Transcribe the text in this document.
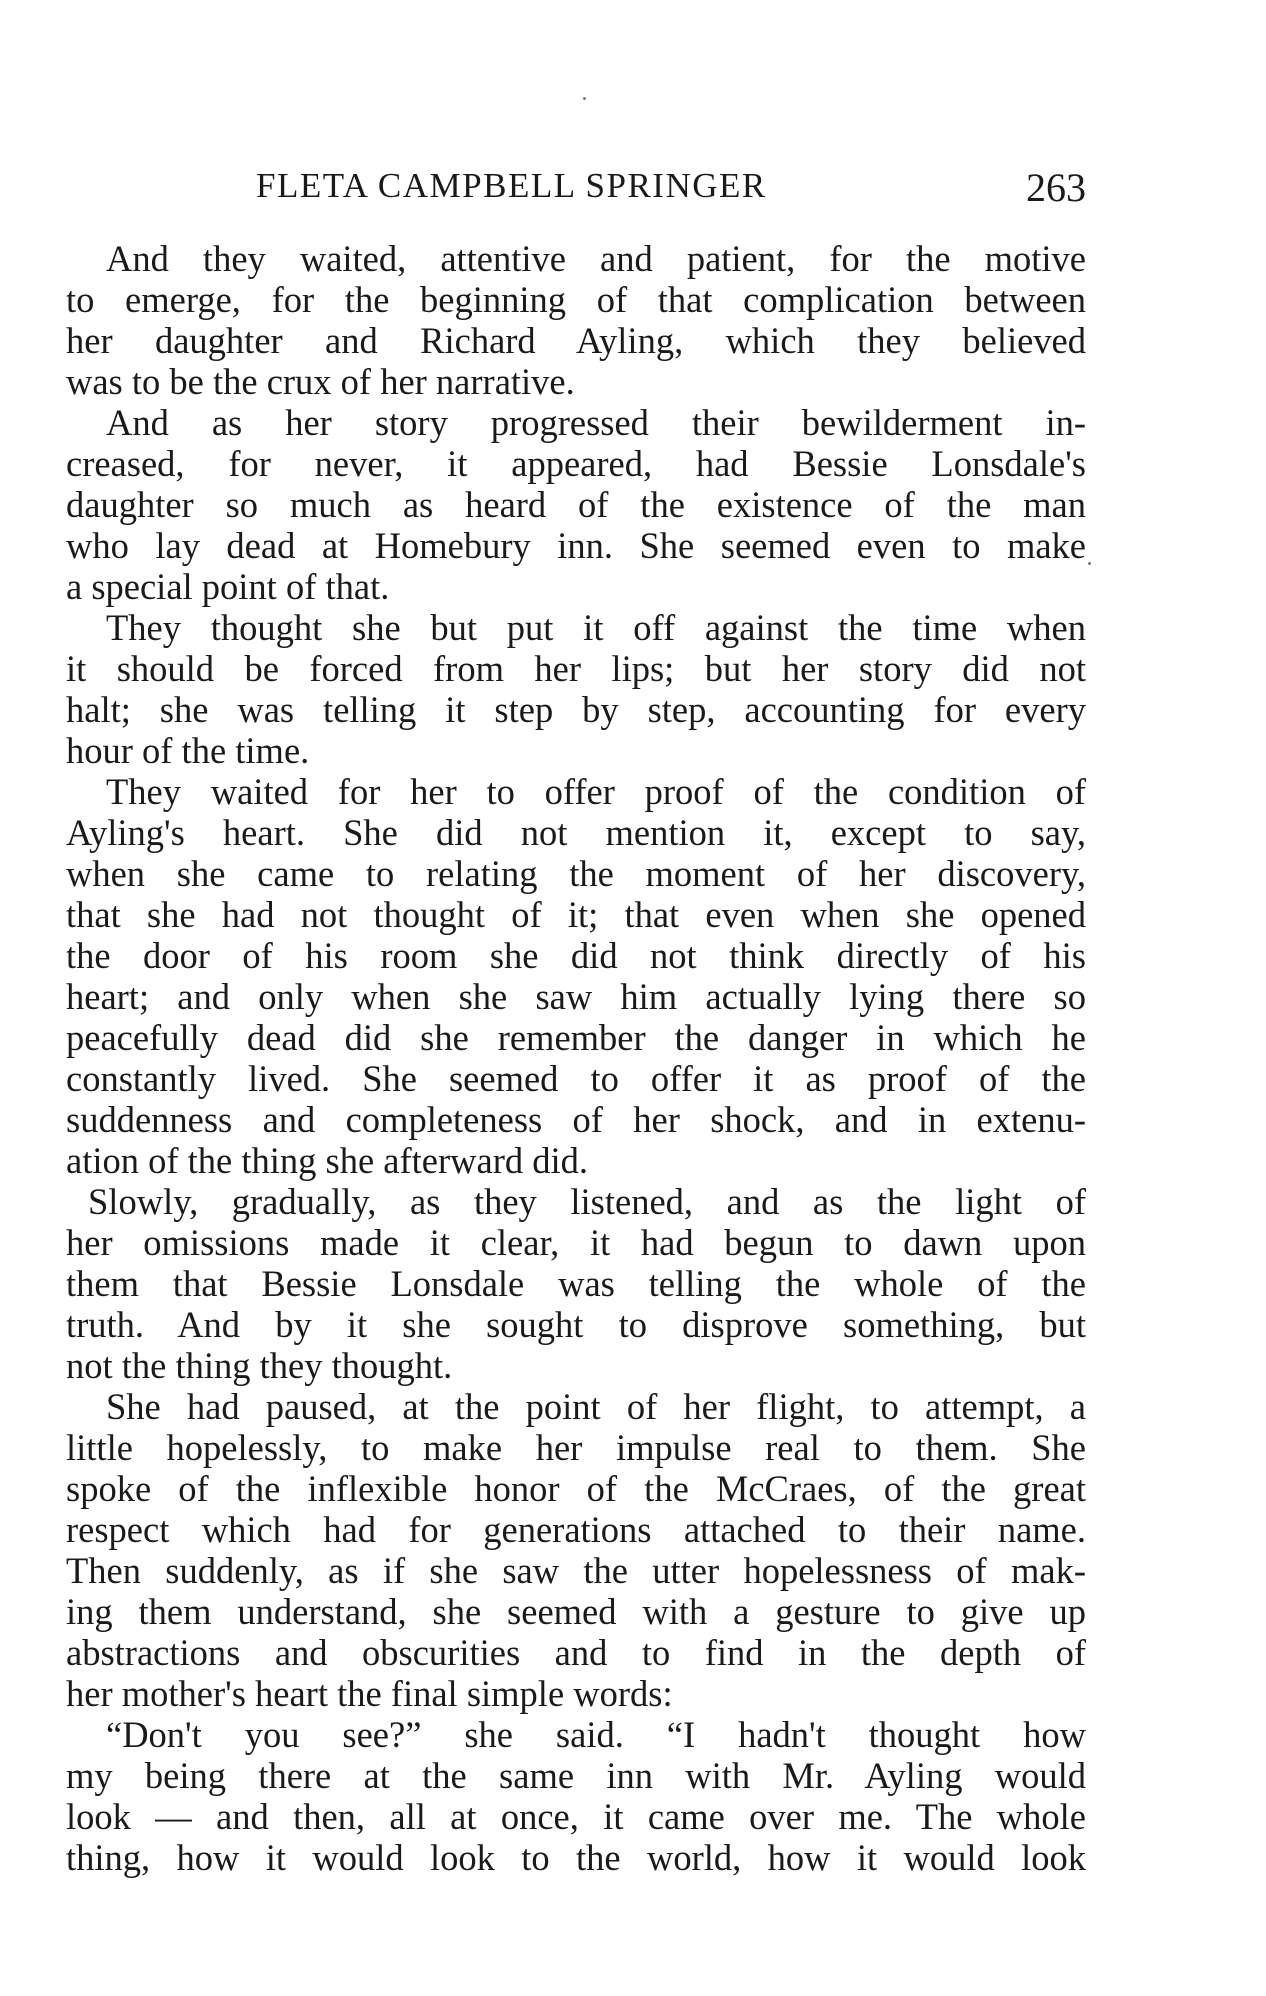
FLETA CAMPBELL SPRINGER	263
And they waited, attentive and patient, for the motive
to emerge, for the beginning of that complication between
her daughter and Richard Ayling, which they believed
was to be the crux of her narrative.
And as her story progressed their bewilderment in-
creased, for never, it appeared, had Bessie Lonsdale's
daughter so much as heard of the existence of the man
who lay dead at Homebury inn. She seemed even to make
a special point of that.
They thought she but put it off against the time when
it should be forced from her lips; but her story did not
halt; she was telling it step by step, accounting for every
hour of the time.
They waited for her to offer proof of the condition of
Ayling's heart. She did not mention it, except to say,
when she came to relating the moment of her discovery,
that she had not thought of it; that even when she opened
the door of his room she did not think directly of his
heart; and only when she saw him actually lying there so
peacefully dead did she remember the danger in which he
constantly lived. She seemed to offer it as proof of the
suddenness and completeness of her shock, and in extenu-
ation of the thing she afterward did.
Slowly, gradually, as they listened, and as the light of
her omissions made it clear, it had begun to dawn upon
them that Bessie Lonsdale was telling the whole of the
truth. And by it she sought to disprove something, but
not the thing they thought.
She had paused, at the point of her flight, to attempt, a
little hopelessly, to make her impulse real to them. She
spoke of the inflexible honor of the McCraes, of the great
respect which had for generations attached to their name.
Then suddenly, as if she saw the utter hopelessness of mak-
ing them understand, she seemed with a gesture to give up
abstractions and obscurities and to find in the depth of
her mother's heart the final simple words:
“Don't you see?” she said. “I hadn't thought how
my being there at the same inn with Mr. Ayling would
look — and then, all at once, it came over me. The whole
thing, how it would look to the world, how it would look
